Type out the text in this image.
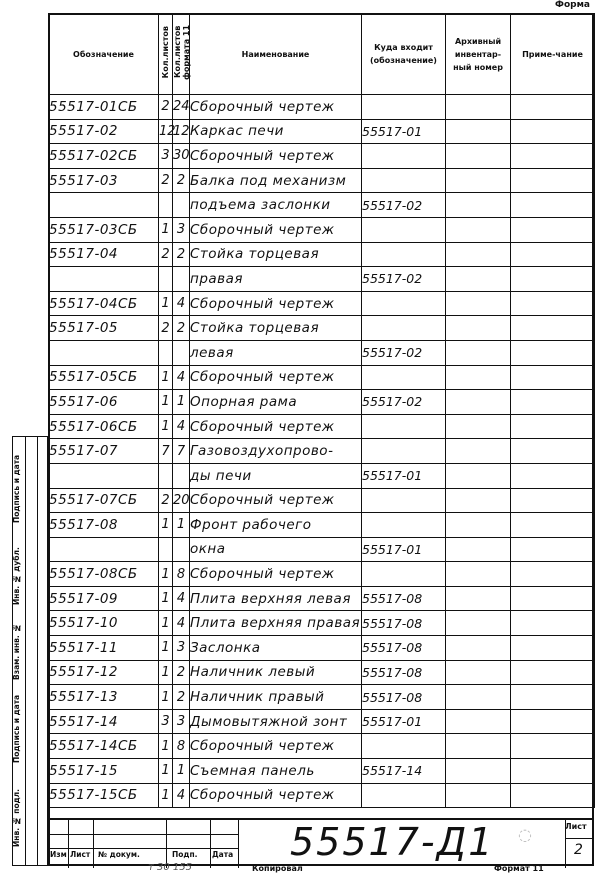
Форма
Обозначение	Кол.листов	Кол.листов формата 11	Наименование	Куда входит (обозначение)	Архивный инвентар-ный номер	Приме-чание
55517-01СБ	2	24	Сборочный чертеж			
55517-02	12	12	Каркас печи	55517-01		
55517-02СБ	3	30	Сборочный чертеж			
55517-03	2	2	Балка под механизм			
			подъема заслонки	55517-02		
55517-03СБ	1	3	Сборочный чертеж			
55517-04	2	2	Стойка торцевая			
			правая	55517-02		
55517-04СБ	1	4	Сборочный чертеж			
55517-05	2	2	Стойка торцевая			
			левая	55517-02		
55517-05СБ	1	4	Сборочный чертеж			
55517-06	1	1	Опорная рама	55517-02		
55517-06СБ	1	4	Сборочный чертеж			
55517-07	7	7	Газовоздухопрово-			
			ды печи	55517-01		
55517-07СБ	2	20	Сборочный чертеж			
55517-08	1	1	Фронт рабочего			
			окна	55517-01		
55517-08СБ	1	8	Сборочный чертеж			
55517-09	1	4	Плита верхняя левая	55517-08		
55517-10	1	4	Плита верхняя правая	55517-08		
55517-11	1	3	Заслонка	55517-08		
55517-12	1	2	Наличник левый	55517-08		
55517-13	1	2	Наличник правый	55517-08		
55517-14	3	3	Дымовытяжной зонт	55517-01		
55517-14СБ	1	8	Сборочный чертеж			
55517-15	1	1	Съемная панель	55517-14		
55517-15СБ	1	4	Сборочный чертеж			
Инв. № подл.
Подпись и дата
Взам. инв. №
Инв. № дубл.
Подпись и дата
Изм Лист № докум.	Подп. Дата 55517-Д1 ◌	Лист
2
т 30 155	Копировал	Формат 11
